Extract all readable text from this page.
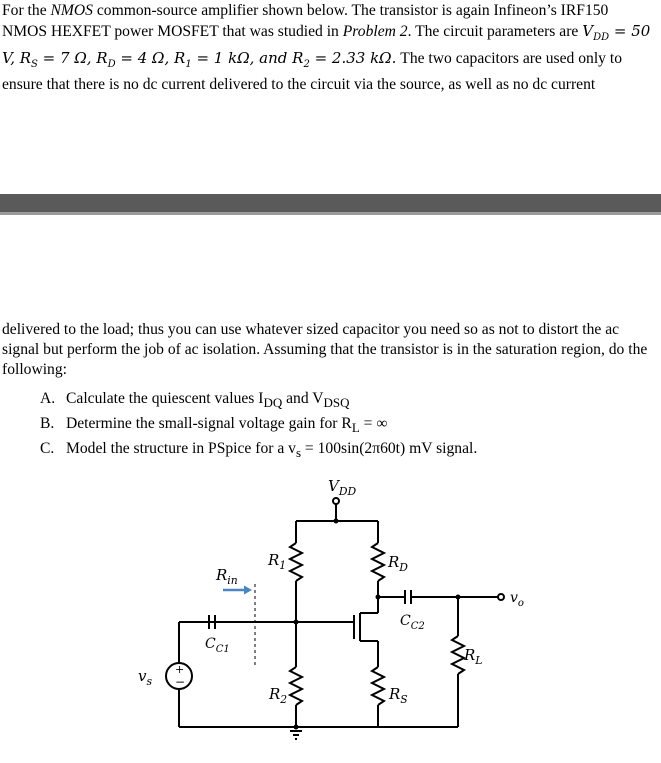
For the NMOS common-source amplifier shown below. The transistor is again Infineon’s IRF150 NMOS HEXFET power MOSFET that was studied in Problem 2. The circuit parameters are $V_{DD} = 50$ V, $R_S = 7$ Ω, $R_D = 4$ Ω, $R_1 = 1$ kΩ, and $R_2 = 2.33$ kΩ. The two capacitors are used only to ensure that there is no dc current delivered to the circuit via the source, as well as no dc current

delivered to the load; thus you can use whatever sized capacitor you need so as not to distort the ac signal but perform the job of ac isolation. Assuming that the transistor is in the saturation region, do the following:

A. Calculate the quiescent values $I_{DQ}$ and $V_{DSQ}$
B. Determine the small-signal voltage gain for $R_L$ = ∞
C. Model the structure in PSpice for a $v_s = 100\sin(2\pi 60t)$ mV signal.
$V_{DD}$
$R_1$
$R_2$
$R_D$
$R_S$
$R_L$
$C_{C1}$
$C_{C2}$
$R_{in}$
$v_s$
$v_o$
+
−
